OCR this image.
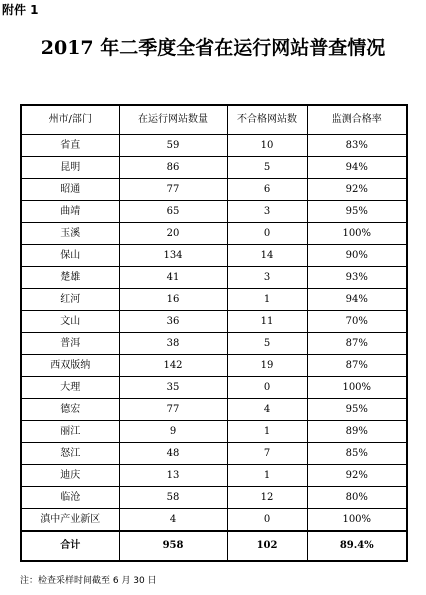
附件 1
2017 年二季度全省在运行网站普查情况
州市/部门	在运行网站数量	不合格网站数	监测合格率
省直	59	10	83%
昆明	86	5	94%
昭通	77	6	92%
曲靖	65	3	95%
玉溪	20	0	100%
保山	134	14	90%
楚雄	41	3	93%
红河	16	1	94%
文山	36	11	70%
普洱	38	5	87%
西双版纳	142	19	87%
大理	35	0	100%
德宏	77	4	95%
丽江	9	1	89%
怒江	48	7	85%
迪庆	13	1	92%
临沧	58	12	80%
滇中产业新区	4	0	100%
合计	958	102	89.4%
注：检查采样时间截至 6 月 30 日
